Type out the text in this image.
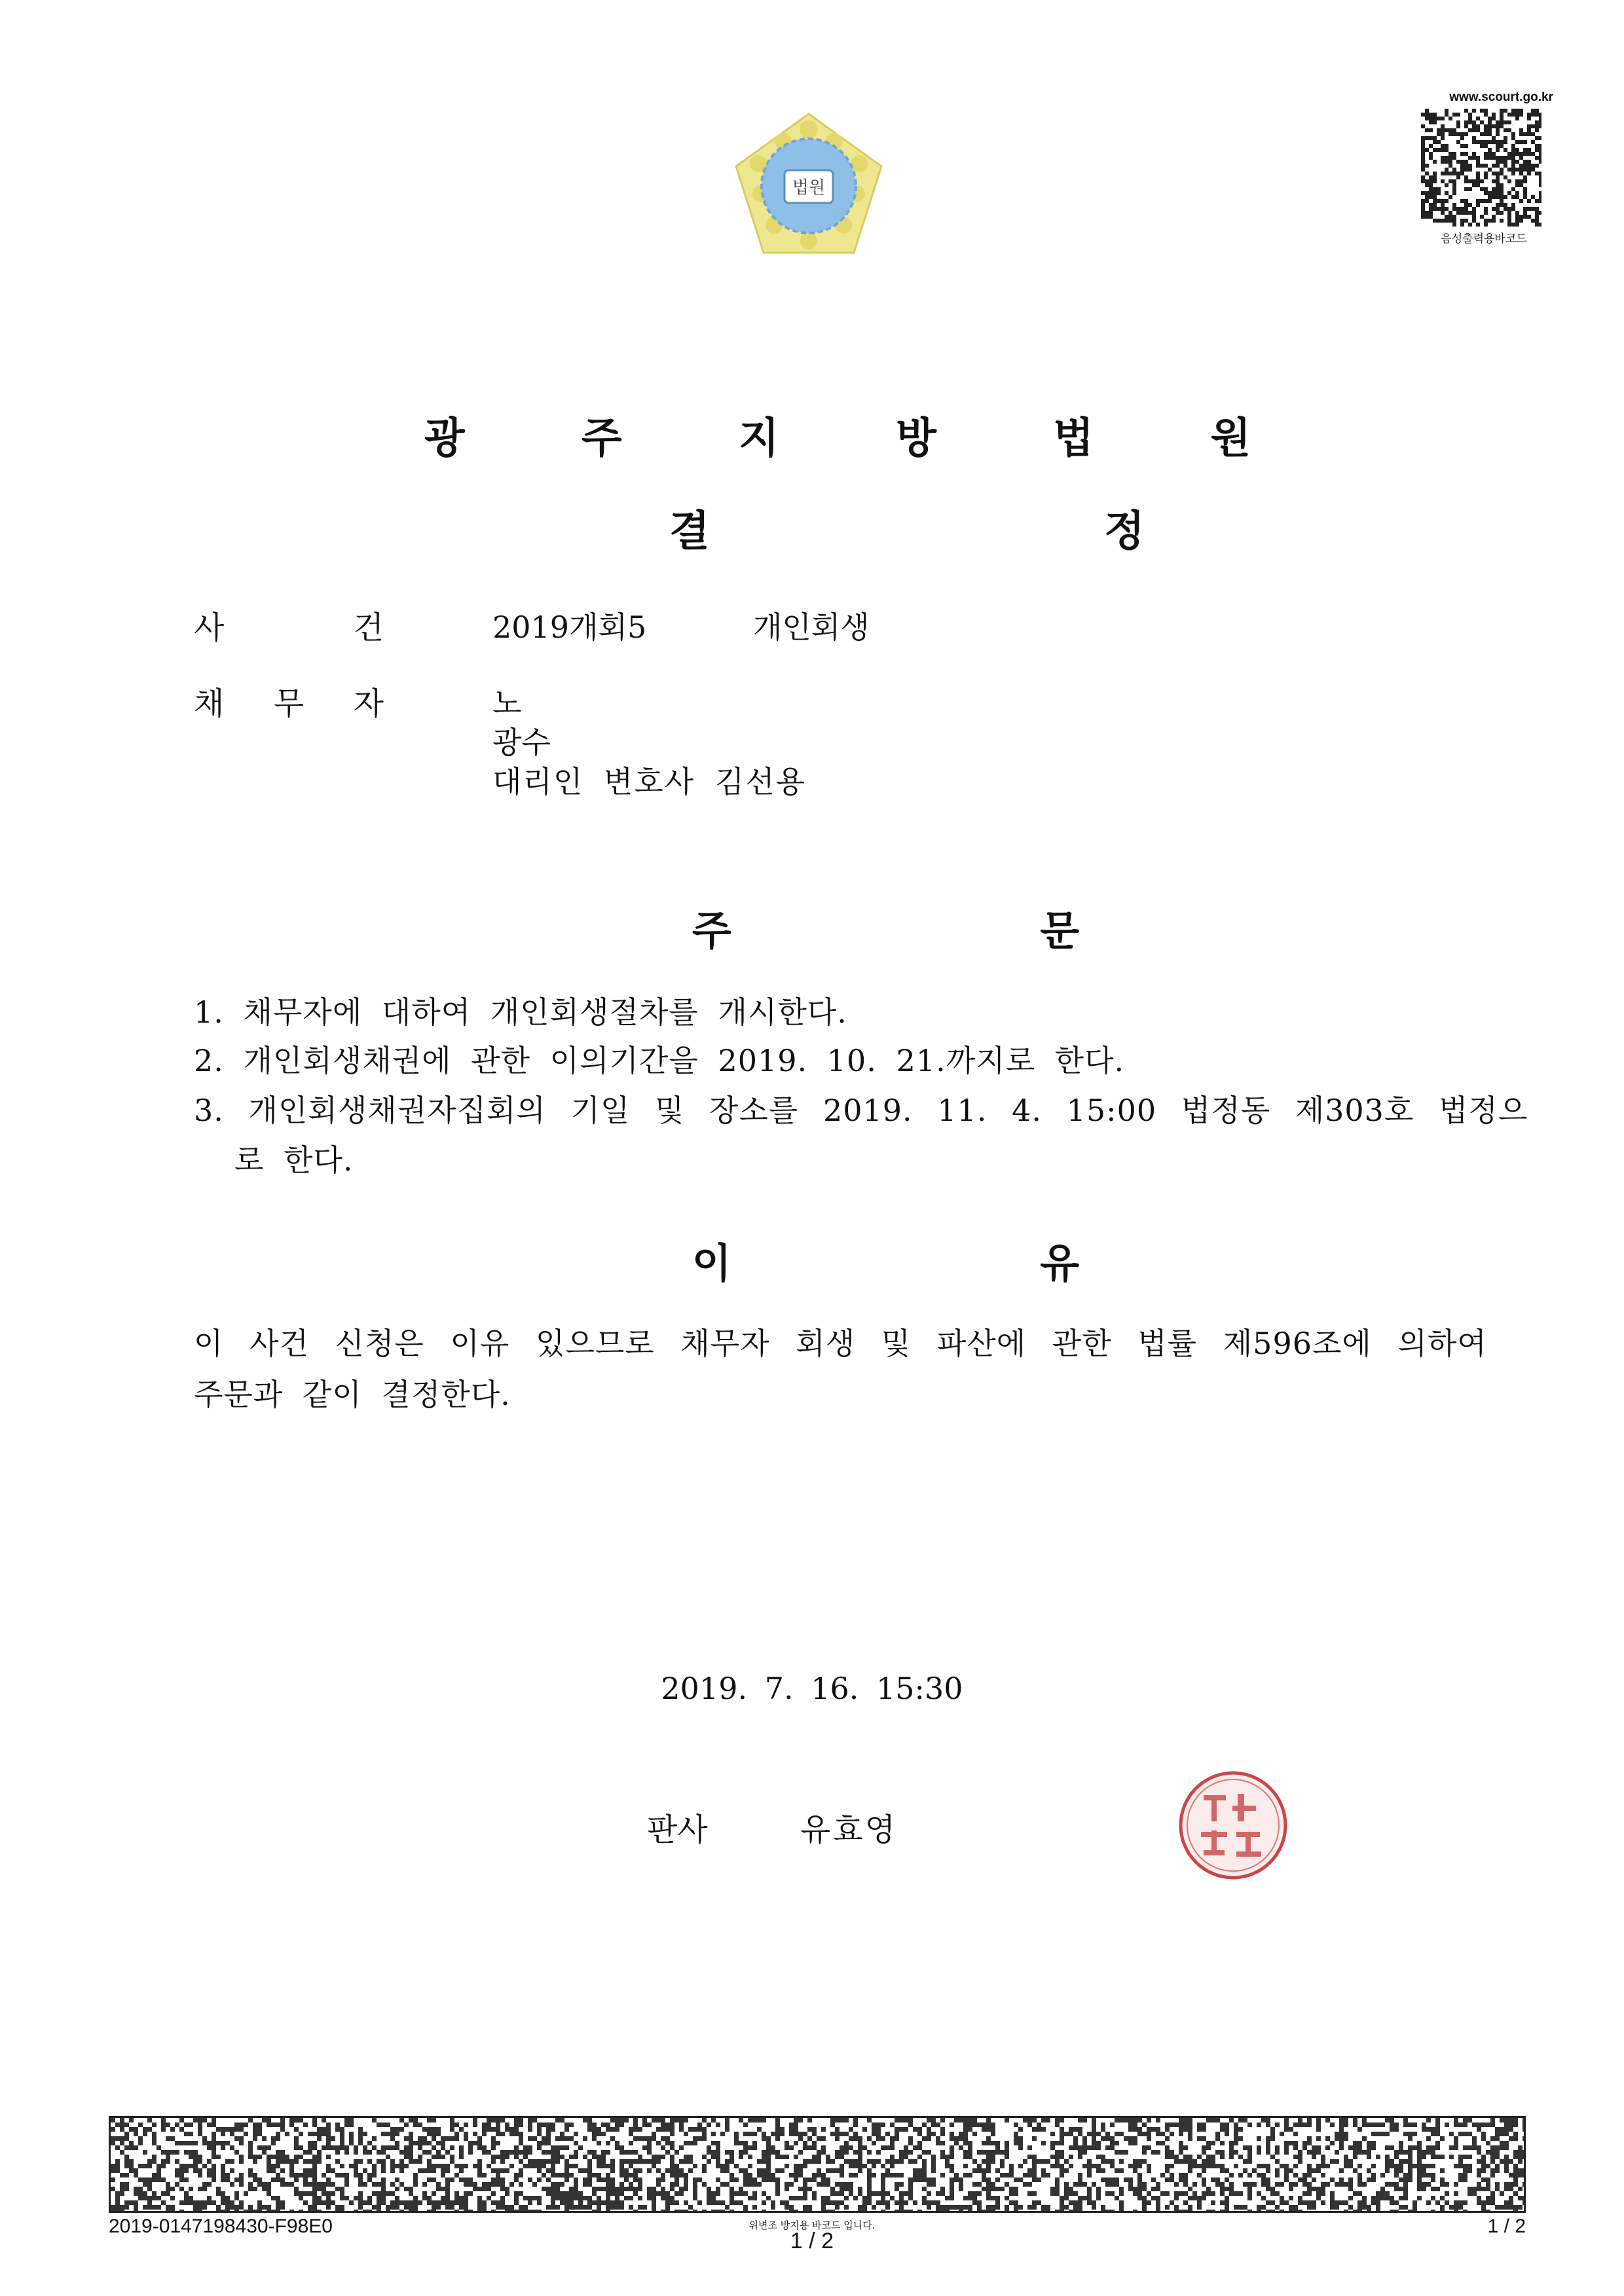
법원
www.scourt.go.kr
음성출력용바코드
광 주 지 방 법 원
결 정
사	건	2019개회5	개인회생
채 무 자	노
광수
대리인 변호사 김선용
주 문
1. 채무자에 대하여 개인회생절차를 개시한다.
2. 개인회생채권에 관한 이의기간을 2019. 10. 21.까지로 한다.
3. 개인회생채권자집회의 기일 및 장소를 2019. 11. 4. 15:00 법정동 제303호 법정으
로 한다.
이 유
이 사건 신청은 이유 있으므로 채무자 회생 및 파산에 관한 법률 제596조에 의하여
주문과 같이 결정한다.
2019. 7. 16. 15:30
판사	유효영
2019-0147198430-F98E0	위변조 방지용 바코드 입니다.
1 / 2
1 / 2
